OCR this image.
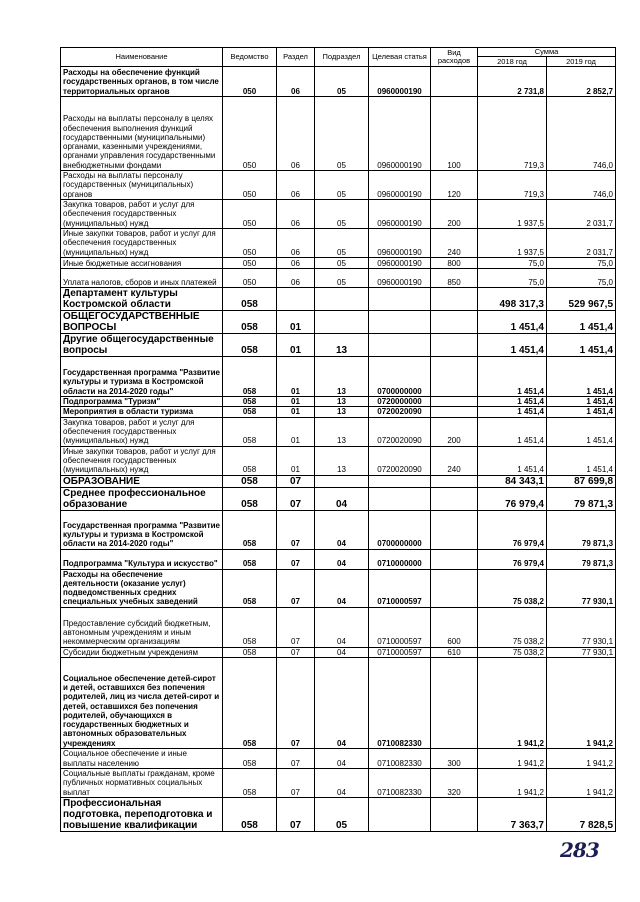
Наименование	Ведомство	Раздел	Подраздел	Целевая статья	Вид расходов	Сумма	
						2018 год	2019 год
Расходы на обеспечение функций государственных органов, в том числе территориальных органов	050	06	05	0960000190		2 731,8	2 852,7
Расходы на выплаты персоналу в целях обеспечения выполнения функций государственными (муниципальными) органами, казенными учреждениями, органами управления государственными внебюджетными фондами	050	06	05	0960000190	100	719,3	746,0
Расходы на выплаты персоналу государственных (муниципальных) органов	050	06	05	0960000190	120	719,3	746,0
Закупка товаров, работ и услуг для обеспечения государственных (муниципальных) нужд	050	06	05	0960000190	200	1 937,5	2 031,7
Иные закупки товаров, работ и услуг для обеспечения государственных (муниципальных) нужд	050	06	05	0960000190	240	1 937,5	2 031,7
Иные бюджетные ассигнования	050	06	05	0960000190	800	75,0	75,0
Уплата налогов, сборов и иных платежей	050	06	05	0960000190	850	75,0	75,0
Департамент культуры Костромской области	058					498 317,3	529 967,5
ОБЩЕГОСУДАРСТВЕННЫЕ ВОПРОСЫ	058	01				1 451,4	1 451,4
Другие общегосударственные вопросы	058	01	13			1 451,4	1 451,4
Государственная программа "Развитие культуры и туризма в Костромской области на 2014-2020 годы"	058	01	13	0700000000		1 451,4	1 451,4
Подпрограмма "Туризм"	058	01	13	0720000000		1 451,4	1 451,4
Мероприятия в области туризма	058	01	13	0720020090		1 451,4	1 451,4
Закупка товаров, работ и услуг для обеспечения государственных (муниципальных) нужд	058	01	13	0720020090	200	1 451,4	1 451,4
Иные закупки товаров, работ и услуг для обеспечения государственных (муниципальных) нужд	058	01	13	0720020090	240	1 451,4	1 451,4
ОБРАЗОВАНИЕ	058	07				84 343,1	87 699,8
Среднее профессиональное образование	058	07	04			76 979,4	79 871,3
Государственная программа "Развитие культуры и туризма в Костромской области на 2014-2020 годы"	058	07	04	0700000000		76 979,4	79 871,3
Подпрограмма "Культура и искусство"	058	07	04	0710000000		76 979,4	79 871,3
Расходы на обеспечение деятельности (оказание услуг) подведомственных средних специальных учебных заведений	058	07	04	0710000597		75 038,2	77 930,1
Предоставление субсидий бюджетным, автономным учреждениям и иным некоммерческим организациям	058	07	04	0710000597	600	75 038,2	77 930,1
Субсидии бюджетным учреждениям	058	07	04	0710000597	610	75 038,2	77 930,1
Социальное обеспечение детей-сирот и детей, оставшихся без попечения родителей, лиц из числа детей-сирот и детей, оставшихся без попечения родителей, обучающихся в государственных бюджетных и автономных образовательных учреждениях	058	07	04	0710082330		1 941,2	1 941,2
Социальное обеспечение и иные выплаты населению	058	07	04	0710082330	300	1 941,2	1 941,2
Социальные выплаты гражданам, кроме публичных нормативных социальных выплат	058	07	04	0710082330	320	1 941,2	1 941,2
Профессиональная подготовка, переподготовка и повышение квалификации	058	07	05			7 363,7	7 828,5
283
